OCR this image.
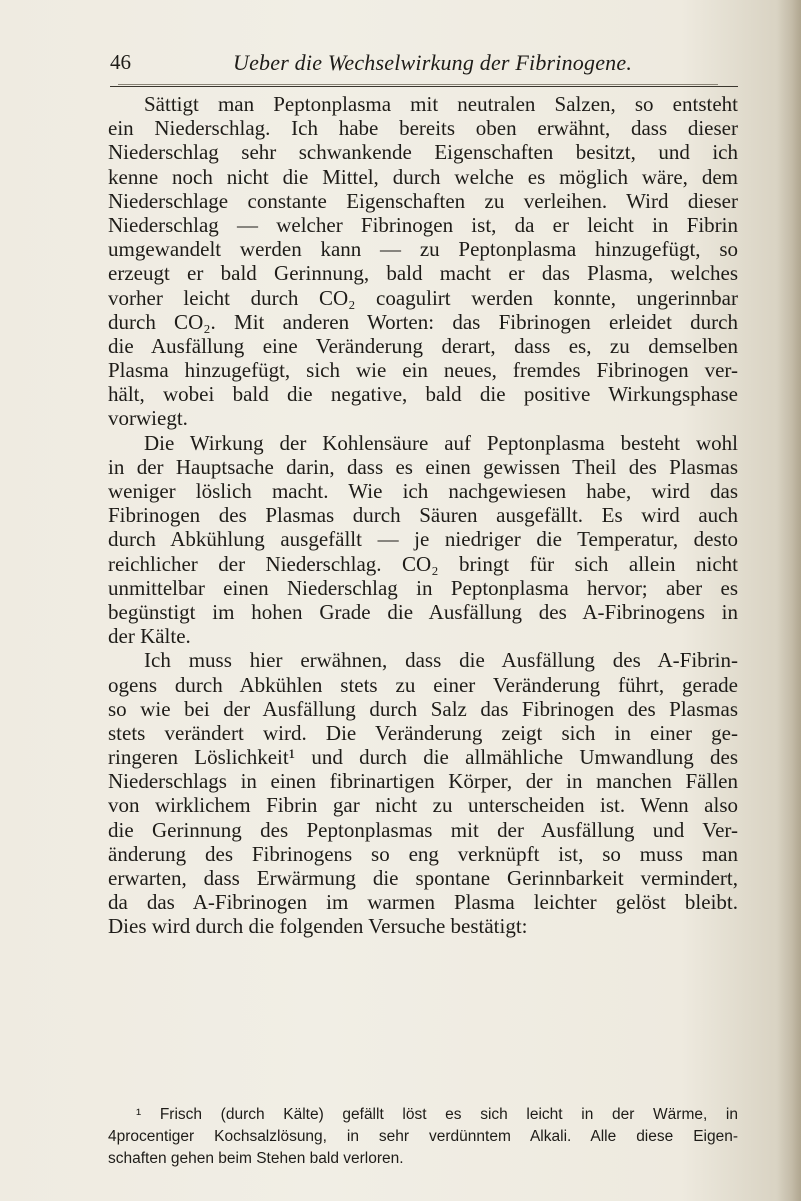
46	Ueber die Wechselwirkung der Fibrinogene.
Sättigt man Peptonplasma mit neutralen Salzen, so entsteht
ein Niederschlag. Ich habe bereits oben erwähnt, dass dieser
Niederschlag sehr schwankende Eigenschaften besitzt, und ich
kenne noch nicht die Mittel, durch welche es möglich wäre, dem
Niederschlage constante Eigenschaften zu verleihen. Wird dieser
Niederschlag — welcher Fibrinogen ist, da er leicht in Fibrin
umgewandelt werden kann — zu Peptonplasma hinzugefügt, so
erzeugt er bald Gerinnung, bald macht er das Plasma, welches
vorher leicht durch CO₂ coagulirt werden konnte, ungerinnbar
durch CO₂. Mit anderen Worten: das Fibrinogen erleidet durch
die Ausfällung eine Veränderung derart, dass es, zu demselben
Plasma hinzugefügt, sich wie ein neues, fremdes Fibrinogen ver-
hält, wobei bald die negative, bald die positive Wirkungsphase
vorwiegt.
Die Wirkung der Kohlensäure auf Peptonplasma besteht wohl
in der Hauptsache darin, dass es einen gewissen Theil des Plasmas
weniger löslich macht. Wie ich nachgewiesen habe, wird das
Fibrinogen des Plasmas durch Säuren ausgefällt. Es wird auch
durch Abkühlung ausgefällt — je niedriger die Temperatur, desto
reichlicher der Niederschlag. CO₂ bringt für sich allein nicht
unmittelbar einen Niederschlag in Peptonplasma hervor; aber es
begünstigt im hohen Grade die Ausfällung des A-Fibrinogens in
der Kälte.
Ich muss hier erwähnen, dass die Ausfällung des A-Fibrin-
ogens durch Abkühlen stets zu einer Veränderung führt, gerade
so wie bei der Ausfällung durch Salz das Fibrinogen des Plasmas
stets verändert wird. Die Veränderung zeigt sich in einer ge-
ringeren Löslichkeit¹ und durch die allmähliche Umwandlung des
Niederschlags in einen fibrinartigen Körper, der in manchen Fällen
von wirklichem Fibrin gar nicht zu unterscheiden ist. Wenn also
die Gerinnung des Peptonplasmas mit der Ausfällung und Ver-
änderung des Fibrinogens so eng verknüpft ist, so muss man
erwarten, dass Erwärmung die spontane Gerinnbarkeit vermindert,
da das A-Fibrinogen im warmen Plasma leichter gelöst bleibt.
Dies wird durch die folgenden Versuche bestätigt:
¹ Frisch (durch Kälte) gefällt löst es sich leicht in der Wärme, in
4procentiger Kochsalzlösung, in sehr verdünntem Alkali. Alle diese Eigen-
schaften gehen beim Stehen bald verloren.
